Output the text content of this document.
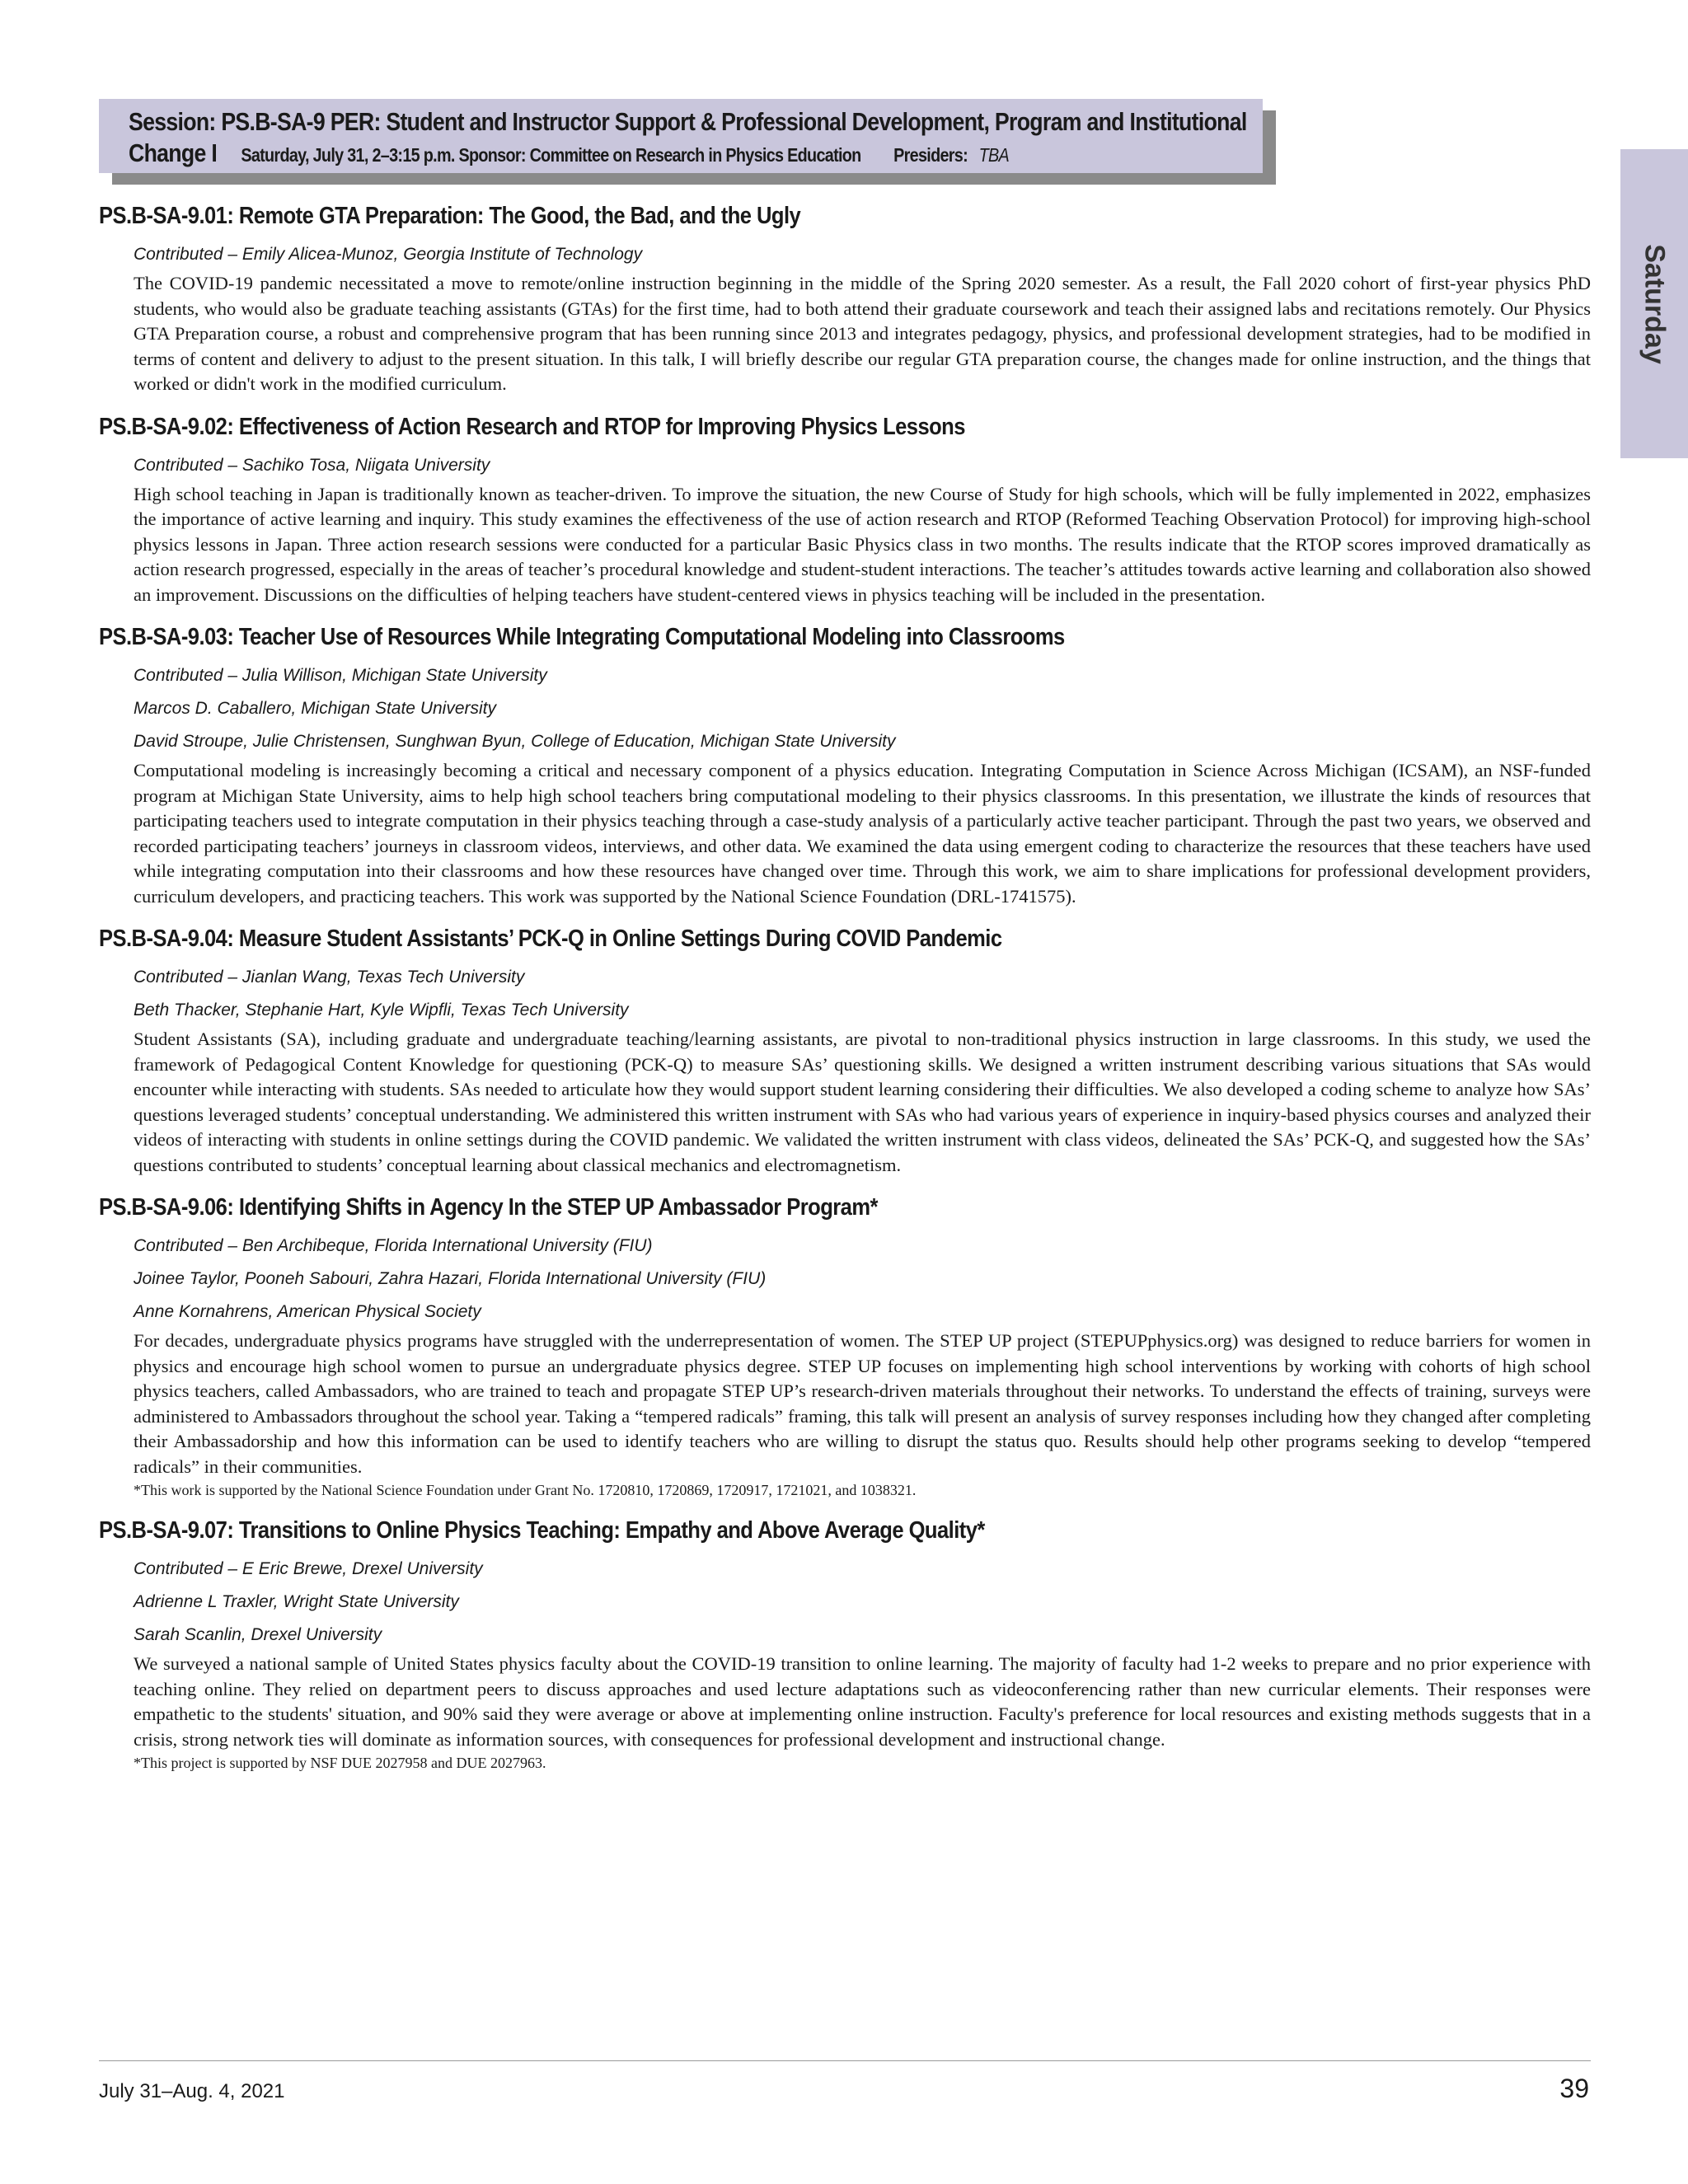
Session: PS.B-SA-9 PER: Student and Instructor Support & Professional Development, Program and Institutional
Change I Saturday, July 31, 2–3:15 p.m. Sponsor: Committee on Research in Physics Education Presiders: TBA
Saturday
PS.B-SA-9.01: Remote GTA Preparation: The Good, the Bad, and the Ugly
Contributed – Emily Alicea-Munoz, Georgia Institute of Technology
The COVID-19 pandemic necessitated a move to remote/online instruction beginning in the middle of the Spring 2020 semester. As a result, the Fall 2020 cohort of first-year physics PhD students, who would also be graduate teaching assistants (GTAs) for the first time, had to both attend their graduate coursework and teach their assigned labs and recitations remotely. Our Physics GTA Preparation course, a robust and comprehensive program that has been running since 2013 and integrates pedagogy, physics, and professional development strategies, had to be modified in terms of content and delivery to adjust to the present situation. In this talk, I will briefly describe our regular GTA preparation course, the changes made for online instruction, and the things that worked or didn't work in the modified curriculum.
PS.B-SA-9.02: Effectiveness of Action Research and RTOP for Improving Physics Lessons
Contributed – Sachiko Tosa, Niigata University
High school teaching in Japan is traditionally known as teacher-driven. To improve the situation, the new Course of Study for high schools, which will be fully implemented in 2022, emphasizes the importance of active learning and inquiry. This study examines the effectiveness of the use of action research and RTOP (Reformed Teaching Observation Protocol) for improving high-school physics lessons in Japan. Three action research sessions were conducted for a particular Basic Physics class in two months. The results indicate that the RTOP scores improved dramatically as action research progressed, especially in the areas of teacher’s procedural knowledge and student-student interactions. The teacher’s attitudes towards active learning and collaboration also showed an improvement. Discussions on the difficulties of helping teachers have student-centered views in physics teaching will be included in the presentation.
PS.B-SA-9.03: Teacher Use of Resources While Integrating Computational Modeling into Classrooms
Contributed – Julia Willison, Michigan State University
Marcos D. Caballero, Michigan State University
David Stroupe, Julie Christensen, Sunghwan Byun, College of Education, Michigan State University
Computational modeling is increasingly becoming a critical and necessary component of a physics education. Integrating Computation in Science Across Michigan (ICSAM), an NSF-funded program at Michigan State University, aims to help high school teachers bring computational modeling to their physics classrooms. In this presentation, we illustrate the kinds of resources that participating teachers used to integrate computation in their physics teaching through a case-study analysis of a particularly active teacher participant. Through the past two years, we observed and recorded participating teachers’ journeys in classroom videos, interviews, and other data. We examined the data using emergent coding to characterize the resources that these teachers have used while integrating computation into their classrooms and how these resources have changed over time. Through this work, we aim to share implications for professional development providers, curriculum developers, and practicing teachers. This work was supported by the National Science Foundation (DRL-1741575).
PS.B-SA-9.04: Measure Student Assistants’ PCK-Q in Online Settings During COVID Pandemic
Contributed – Jianlan Wang, Texas Tech University
Beth Thacker, Stephanie Hart, Kyle Wipfli, Texas Tech University
Student Assistants (SA), including graduate and undergraduate teaching/learning assistants, are pivotal to non-traditional physics instruction in large classrooms. In this study, we used the framework of Pedagogical Content Knowledge for questioning (PCK-Q) to measure SAs’ questioning skills. We designed a written instrument describing various situations that SAs would encounter while interacting with students. SAs needed to articulate how they would support student learning considering their difficulties. We also developed a coding scheme to analyze how SAs’ questions leveraged students’ conceptual understanding. We administered this written instrument with SAs who had various years of experience in inquiry-based physics courses and analyzed their videos of interacting with students in online settings during the COVID pandemic. We validated the written instrument with class videos, delineated the SAs’ PCK-Q, and suggested how the SAs’ questions contributed to students’ conceptual learning about classical mechanics and electromagnetism.
PS.B-SA-9.06: Identifying Shifts in Agency In the STEP UP Ambassador Program*
Contributed – Ben Archibeque, Florida International University (FIU)
Joinee Taylor, Pooneh Sabouri, Zahra Hazari, Florida International University (FIU)
Anne Kornahrens, American Physical Society
For decades, undergraduate physics programs have struggled with the underrepresentation of women. The STEP UP project (STEPUPphysics.org) was designed to reduce barriers for women in physics and encourage high school women to pursue an undergraduate physics degree. STEP UP focuses on implementing high school interventions by working with cohorts of high school physics teachers, called Ambassadors, who are trained to teach and propagate STEP UP’s research-driven materials throughout their networks. To understand the effects of training, surveys were administered to Ambassadors throughout the school year. Taking a “tempered radicals” framing, this talk will present an analysis of survey responses including how they changed after completing their Ambassadorship and how this information can be used to identify teachers who are willing to disrupt the status quo. Results should help other programs seeking to develop “tempered radicals” in their communities.
*This work is supported by the National Science Foundation under Grant No. 1720810, 1720869, 1720917, 1721021, and 1038321.
PS.B-SA-9.07: Transitions to Online Physics Teaching: Empathy and Above Average Quality*
Contributed – E Eric Brewe, Drexel University
Adrienne L Traxler, Wright State University
Sarah Scanlin, Drexel University
We surveyed a national sample of United States physics faculty about the COVID-19 transition to online learning. The majority of faculty had 1-2 weeks to prepare and no prior experience with teaching online. They relied on department peers to discuss approaches and used lecture adaptations such as videoconferencing rather than new curricular elements. Their responses were empathetic to the students' situation, and 90% said they were average or above at implementing online instruction. Faculty's preference for local resources and existing methods suggests that in a crisis, strong network ties will dominate as information sources, with consequences for professional development and instructional change.
*This project is supported by NSF DUE 2027958 and DUE 2027963.
July 31–Aug. 4, 2021	39
